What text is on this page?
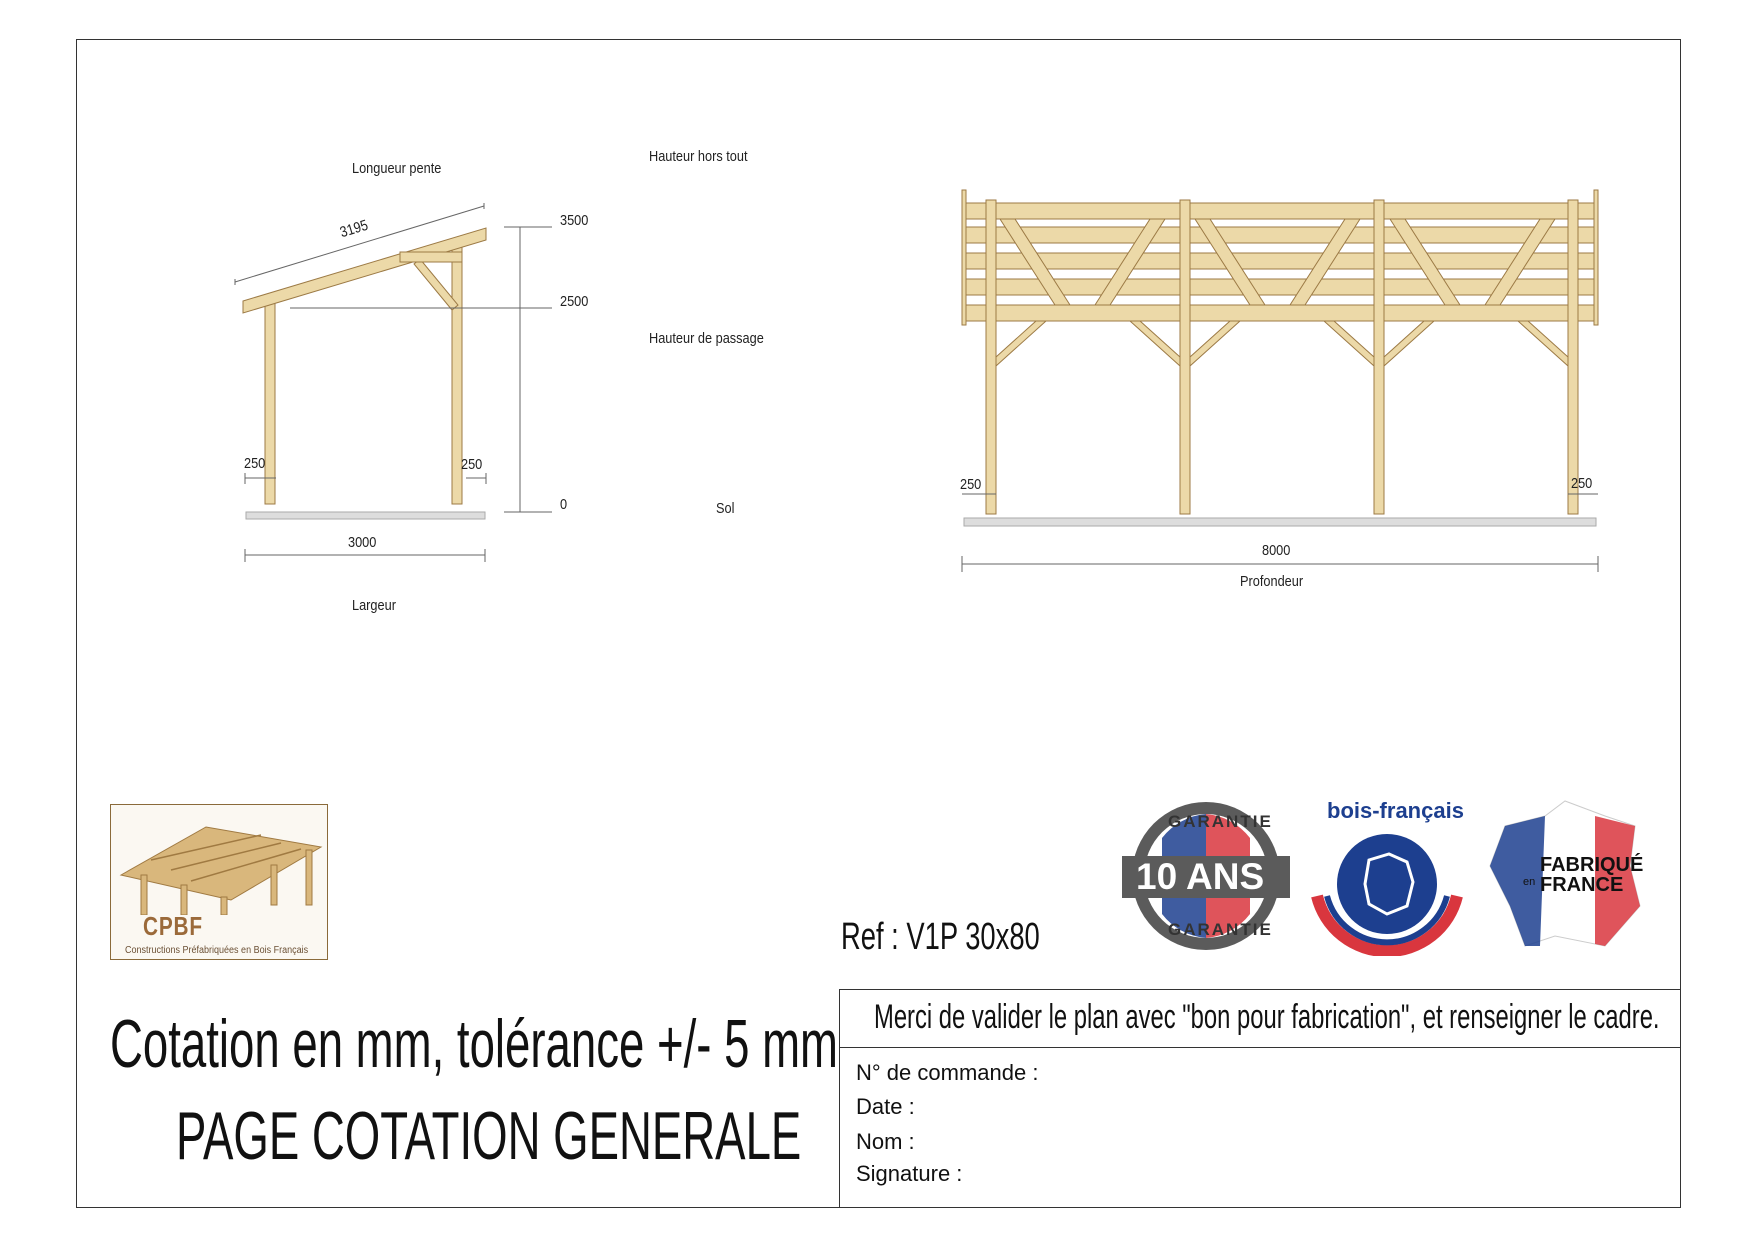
Longueur pente
3195
250	250
3000
Largeur
3500
2500
0
Hauteur hors tout
Hauteur de passage
Sol
250	250
8000
Profondeur
CPBF
Constructions Préfabriquées en Bois Français	Ref : V1P 30x80
GARANTIE
10 ANS
GARANTIE
bois-français
FABRIQUÉ
en FRANCE
Cotation en mm, tolérance +/- 5 mm
PAGE COTATION GENERALE
Merci de valider le plan avec "bon pour fabrication", et renseigner le cadre.
N° de commande :
Date :
Nom :
Signature :
